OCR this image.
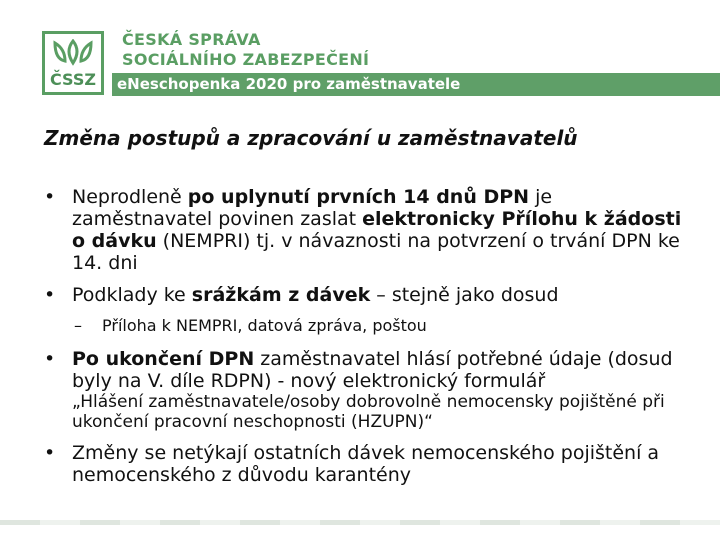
ČSSZ
ČESKÁ SPRÁVA
SOCIÁLNÍHO ZABEZPEČENÍ
eNeschopenka 2020 pro zaměstnavatele
Změna postupů a zpracování u zaměstnavatelů
• Neprodleně po uplynutí prvních 14 dnů DPN je zaměstnavatel povinen zaslat elektronicky Přílohu k žádosti o dávku (NEMPRI) tj. v návaznosti na potvrzení o trvání DPN ke 14. dni
• Podklady ke srážkám z dávek – stejně jako dosud
– Příloha k NEMPRI, datová zpráva, poštou
• Po ukončení DPN zaměstnavatel hlásí potřebné údaje (dosud byly na V. díle RDPN) - nový elektronický formulář
„Hlášení zaměstnavatele/osoby dobrovolně nemocensky pojištěné při ukončení pracovní neschopnosti (HZUPN)“
• Změny se netýkají ostatních dávek nemocenského pojištění a nemocenského z důvodu karantény
